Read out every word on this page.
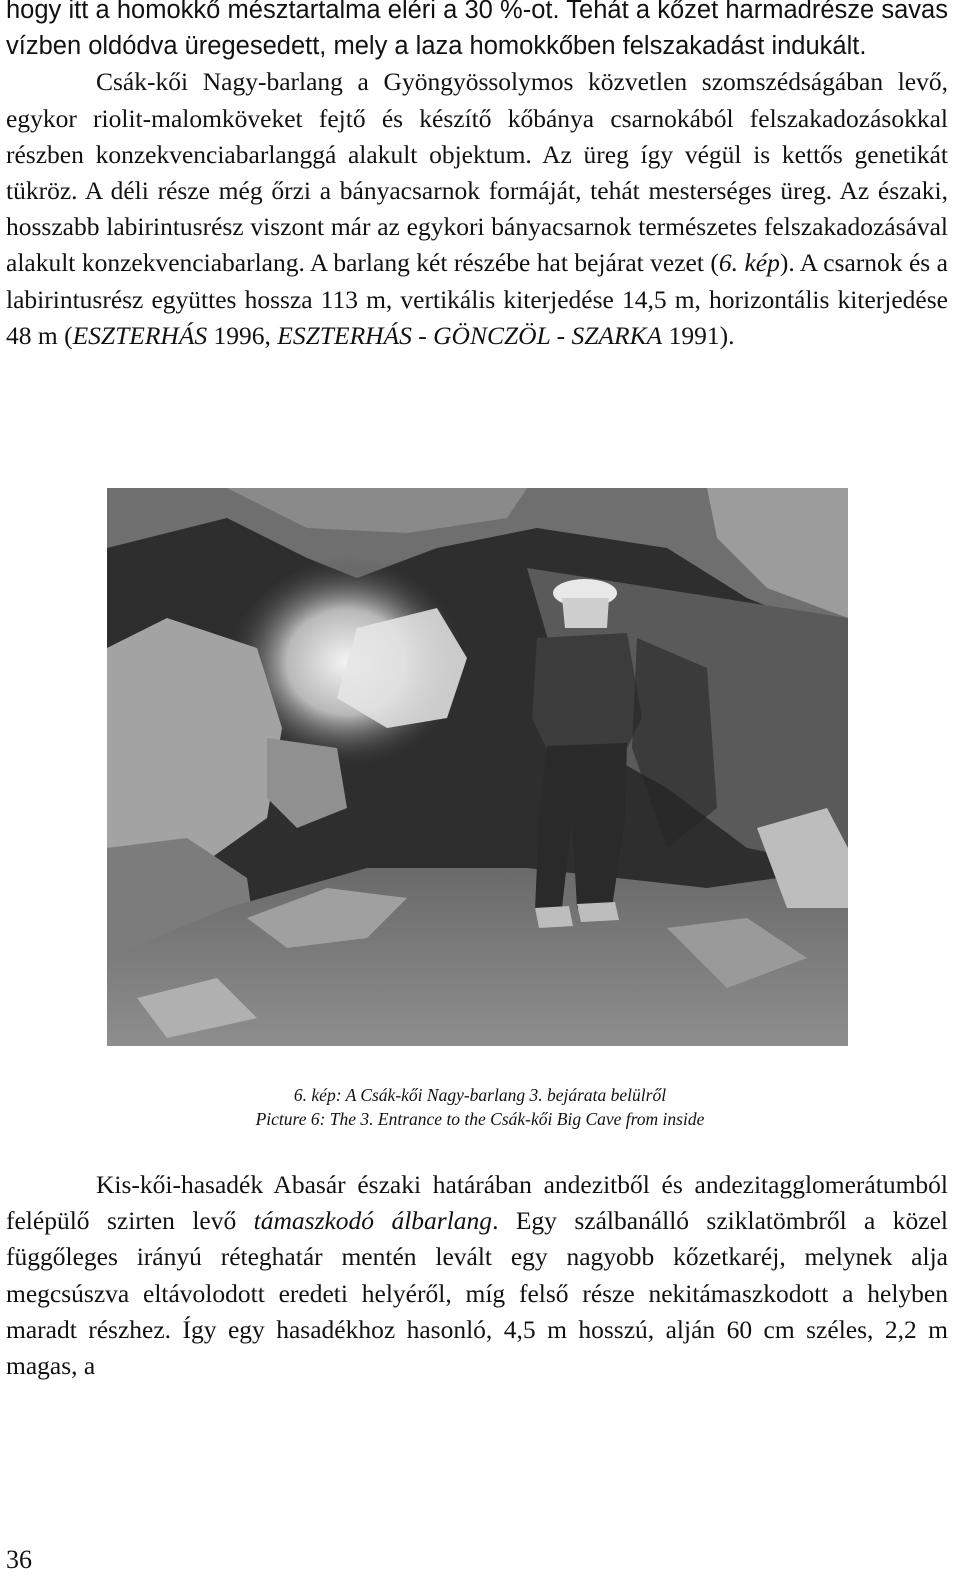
hogy itt a homokkő mésztartalma eléri a 30 %-ot. Tehát a kőzet harmadrésze savas vízben oldódva üregesedett, mely a laza homokkőben felszakadást indukált.

Csák-kői Nagy-barlang a Gyöngyössolymos közvetlen szomszédságában levő, egykor riolit-malomköveket fejtő és készítő kőbánya csarnokából felszakadozásokkal részben konzekvenciabarlanggá alakult objektum. Az üreg így végül is kettős genetikát tükröz. A déli része még őrzi a bányacsarnok formáját, tehát mesterséges üreg. Az északi, hosszabb labirintusrész viszont már az egykori bányacsarnok természetes felszakadozásával alakult konzekvenciabarlang. A barlang két részébe hat bejárat vezet (6. kép). A csarnok és a labirintusrész együttes hossza 113 m, vertikális kiterjedése 14,5 m, horizontális kiterjedése 48 m (ESZTERHÁS 1996, ESZTERHÁS - GÖNCZÖL - SZARKA 1991).

6. kép: A Csák-kői Nagy-barlang 3. bejárata belülről
Picture 6: The 3. Entrance to the Csák-kői Big Cave from inside

Kis-kői-hasadék Abasár északi határában andezitből és andezitagglomerátumból felépülő szirten levő támaszkodó álbarlang. Egy szálbanálló sziklatömbről a közel függőleges irányú réteghatár mentén levált egy nagyobb kőzetkaréj, melynek alja megcsúszva eltávolodott eredeti helyéről, míg felső része nekitámaszkodott a helyben maradt részhez. Így egy hasadékhoz hasonló, 4,5 m hosszú, alján 60 cm széles, 2,2 m magas, a

36
